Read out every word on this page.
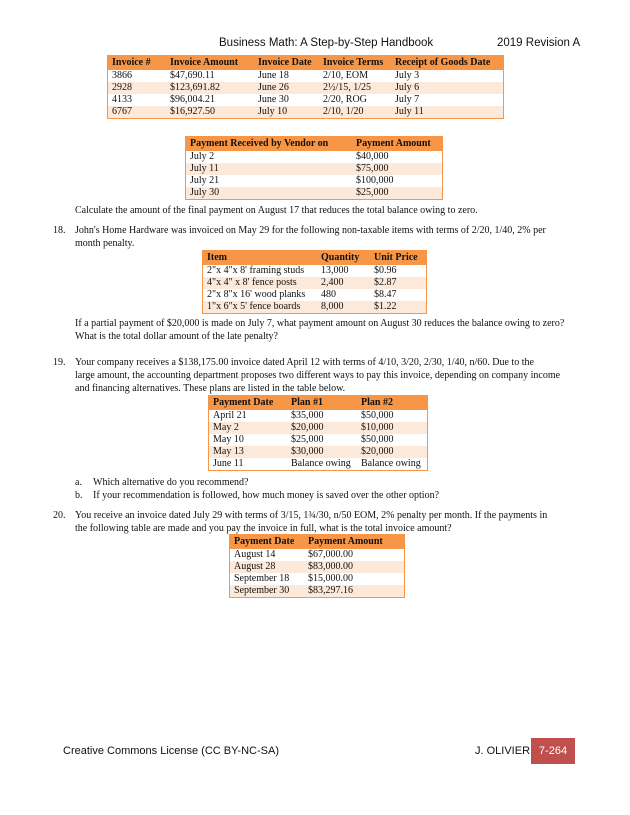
Business Math: A Step-by-Step Handbook	2019 Revision A
Invoice #	Invoice Amount	Invoice Date	Invoice Terms	Receipt of Goods Date
3866	$47,690.11	June 18	2/10, EOM	July 3
2928	$123,691.82	June 26	2½/15, 1/25	July 6
4133	$96,004.21	June 30	2/20, ROG	July 7
6767	$16,927.50	July 10	2/10, 1/20	July 11
Payment Received by Vendor on	Payment Amount
July 2	$40,000
July 11	$75,000
July 21	$100,000
July 30	$25,000
Calculate the amount of the final payment on August 17 that reduces the total balance owing to zero.
18. John's Home Hardware was invoiced on May 29 for the following non-taxable items with terms of 2/20, 1/40, 2% per
month penalty.
Item	Quantity	Unit Price
2"x 4"x 8' framing studs	13,000	$0.96
4"x 4" x 8' fence posts	2,400	$2.87
2"x 8"x 16' wood planks	480	$8.47
1"x 6"x 5' fence boards	8,000	$1.22
If a partial payment of $20,000 is made on July 7, what payment amount on August 30 reduces the balance owing to zero?
What is the total dollar amount of the late penalty?
19. Your company receives a $138,175.00 invoice dated April 12 with terms of 4/10, 3/20, 2/30, 1/40, n/60. Due to the
large amount, the accounting department proposes two different ways to pay this invoice, depending on company income
and financing alternatives. These plans are listed in the table below.
Payment Date	Plan #1	Plan #2
April 21	$35,000	$50,000
May 2	$20,000	$10,000
May 10	$25,000	$50,000
May 13	$30,000	$20,000
June 11	Balance owing	Balance owing
a. Which alternative do you recommend?
b. If your recommendation is followed, how much money is saved over the other option?
20. You receive an invoice dated July 29 with terms of 3/15, 1¾/30, n/50 EOM, 2% penalty per month. If the payments in
the following table are made and you pay the invoice in full, what is the total invoice amount?
Payment Date	Payment Amount
August 14	$67,000.00
August 28	$83,000.00
September 18	$15,000.00
September 30	$83,297.16
Creative Commons License (CC BY-NC-SA)	J. OLIVIER 7-264
